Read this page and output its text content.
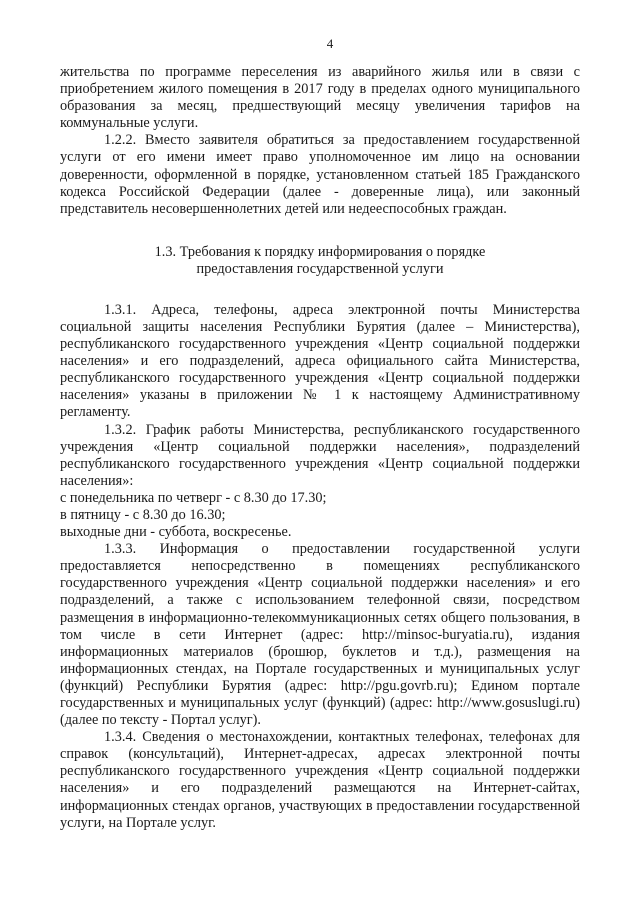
4

жительства по программе переселения из аварийного жилья или в связи с приобретением жилого помещения в 2017 году в пределах одного муниципального образования за месяц, предшествующий месяцу увеличения тарифов на коммунальные услуги.

1.2.2. Вместо заявителя обратиться за предоставлением государственной услуги от его имени имеет право уполномоченное им лицо на основании доверенности, оформленной в порядке, установленном статьей 185 Гражданского кодекса Российской Федерации (далее - доверенные лица), или законный представитель несовершеннолетних детей или недееспособных граждан.

1.3. Требования к порядку информирования о порядке
предоставления государственной услуги

1.3.1. Адреса, телефоны, адреса электронной почты Министерства социальной защиты населения Республики Бурятия (далее – Министерства), республиканского государственного учреждения «Центр социальной поддержки населения» и его подразделений, адреса официального сайта Министерства, республиканского государственного учреждения «Центр социальной поддержки населения» указаны в приложении № 1 к настоящему Административному регламенту.

1.3.2. График работы Министерства, республиканского государственного учреждения «Центр социальной поддержки населения», подразделений республиканского государственного учреждения «Центр социальной поддержки населения»:

с понедельника по четверг - с 8.30 до 17.30;

в пятницу - с 8.30 до 16.30;

выходные дни - суббота, воскресенье.

1.3.3. Информация о предоставлении государственной услуги предоставляется непосредственно в помещениях республиканского государственного учреждения «Центр социальной поддержки населения» и его подразделений, а также с использованием телефонной связи, посредством размещения в информационно-телекоммуникационных сетях общего пользования, в том числе в сети Интернет (адрес: http://minsoc-buryatia.ru), издания информационных материалов (брошюр, буклетов и т.д.), размещения на информационных стендах, на Портале государственных и муниципальных услуг (функций) Республики Бурятия (адрес: http://pgu.govrb.ru); Едином портале государственных и муниципальных услуг (функций) (адрес: http://www.gosuslugi.ru) (далее по тексту - Портал услуг).

1.3.4. Сведения о местонахождении, контактных телефонах, телефонах для справок (консультаций), Интернет-адресах, адресах электронной почты республиканского государственного учреждения «Центр социальной поддержки населения» и его подразделений размещаются на Интернет-сайтах, информационных стендах органов, участвующих в предоставлении государственной услуги, на Портале услуг.
